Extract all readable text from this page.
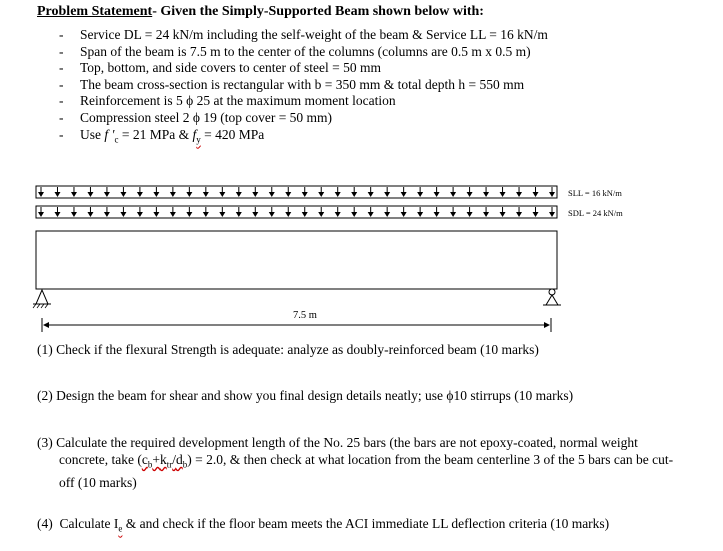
Problem Statement- Given the Simply-Supported Beam shown below with:
- Service DL = 24 kN/m including the self-weight of the beam & Service LL = 16 kN/m
- Span of the beam is 7.5 m to the center of the columns (columns are 0.5 m x 0.5 m)
- Top, bottom, and side covers to center of steel = 50 mm
- The beam cross-section is rectangular with b = 350 mm & total depth h = 550 mm
- Reinforcement is 5 ϕ 25 at the maximum moment location
- Compression steel 2 ϕ 19 (top cover = 50 mm)
- Use f $'_c = 21$ MPa & $f_y = 420$ MPa
SLL = 16 kN/m
SDL = 24 kN/m
7.5 m
(1) Check if the flexural Strength is adequate: analyze as doubly-reinforced beam (10 marks)
(2) Design the beam for shear and show you final design details neatly; use ϕ10 stirrups (10 marks)
(3) Calculate the required development length of the No. 25 bars (the bars are not epoxy-coated, normal weight concrete, take $(c_b+k_{tr}/d_b) = 2.0$, & then check at what location from the beam centerline 3 of the 5 bars can be cut-off (10 marks)
(4) Calculate $I_e$ & and check if the floor beam meets the ACI immediate LL deflection criteria (10 marks)
